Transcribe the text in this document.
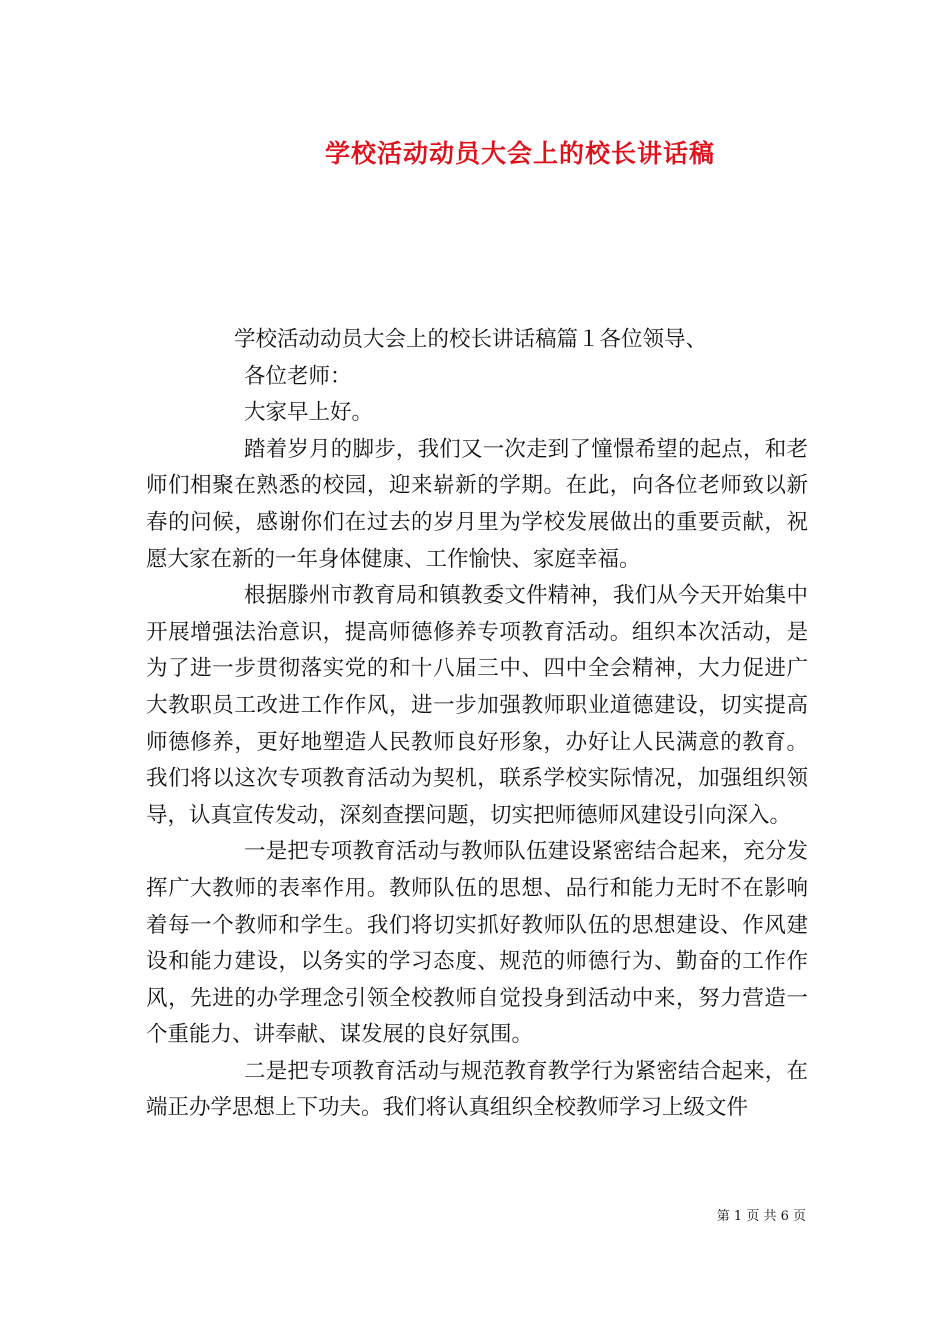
学校活动动员大会上的校长讲话稿

学校活动动员大会上的校长讲话稿篇１各位领导、

各位老师：

大家早上好。

踏着岁月的脚步，我们又一次走到了憧憬希望的起点，和老师们相聚在熟悉的校园，迎来崭新的学期。在此，向各位老师致以新春的问候，感谢你们在过去的岁月里为学校发展做出的重要贡献，祝愿大家在新的一年身体健康、工作愉快、家庭幸福。

根据滕州市教育局和镇教委文件精神，我们从今天开始集中开展增强法治意识，提高师德修养专项教育活动。组织本次活动，是为了进一步贯彻落实党的和十八届三中、四中全会精神，大力促进广大教职员工改进工作作风，进一步加强教师职业道德建设，切实提高师德修养，更好地塑造人民教师良好形象，办好让人民满意的教育。我们将以这次专项教育活动为契机，联系学校实际情况，加强组织领导，认真宣传发动，深刻查摆问题，切实把师德师风建设引向深入。

一是把专项教育活动与教师队伍建设紧密结合起来，充分发挥广大教师的表率作用。教师队伍的思想、品行和能力无时不在影响着每一个教师和学生。我们将切实抓好教师队伍的思想建设、作风建设和能力建设，以务实的学习态度、规范的师德行为、勤奋的工作作风，先进的办学理念引领全校教师自觉投身到活动中来，努力营造一个重能力、讲奉献、谋发展的良好氛围。

二是把专项教育活动与规范教育教学行为紧密结合起来，在端正办学思想上下功夫。我们将认真组织全校教师学习上级文件

第 1 页 共 6 页
